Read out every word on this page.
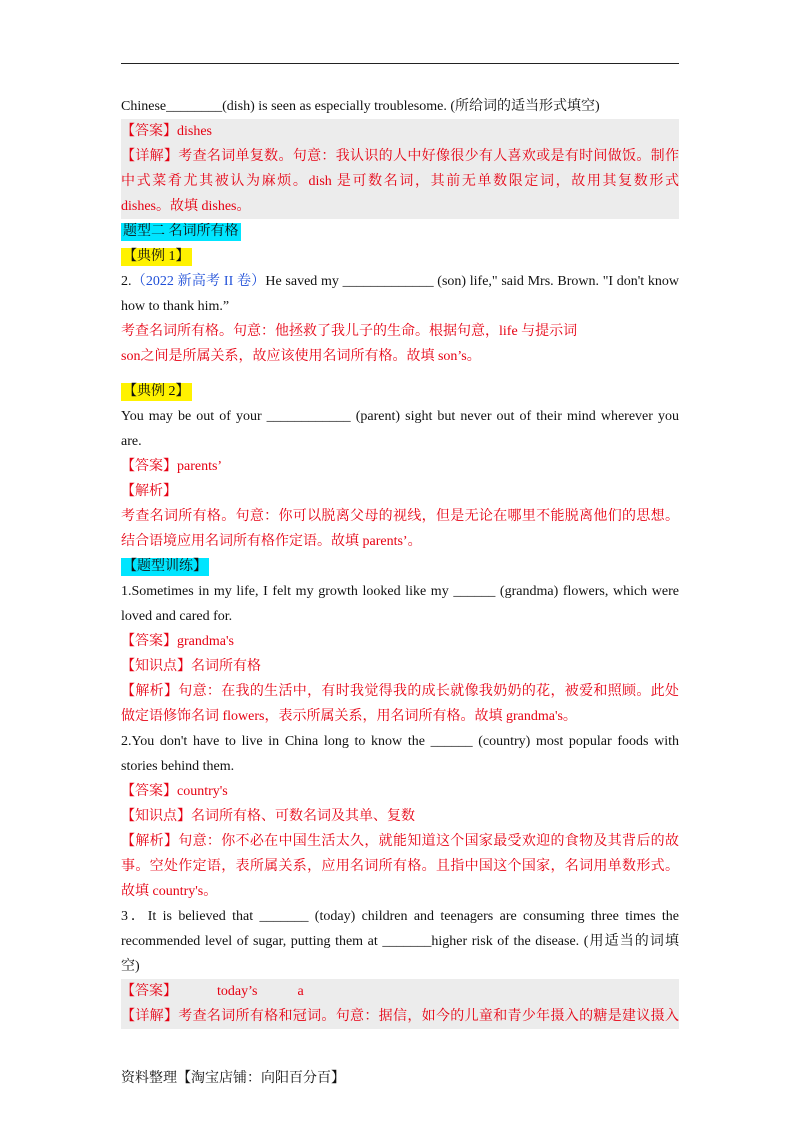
Chinese________(dish) is seen as especially troublesome. (所给词的适当形式填空)
【答案】dishes
【详解】考查名词单复数。句意：我认识的人中好像很少有人喜欢或是有时间做饭。制作
中式菜肴尤其被认为麻烦。dish 是可数名词，其前无单数限定词，故用其复数形式
dishes。故填 dishes。
题型二 名词所有格
【典例 1】
2.（2022 新高考 II 卷）He saved my _____________ (son) life," said Mrs. Brown. "I don't know
how to thank him.”
考查名词所有格。句意：他拯救了我儿子的生命。根据句意，life 与提示词
son之间是所属关系，故应该使用名词所有格。故填 son’s。
【典例 2】
You may be out of your ____________ (parent) sight but never out of their mind wherever you
are.
【答案】parents’
【解析】
考查名词所有格。句意：你可以脱离父母的视线，但是无论在哪里不能脱离他们的思想。
结合语境应用名词所有格作定语。故填 parents’。
【题型训练】
1.Sometimes in my life, I felt my growth looked like my ______ (grandma) flowers, which were
loved and cared for.
【答案】grandma's
【知识点】名词所有格
【解析】句意：在我的生活中，有时我觉得我的成长就像我奶奶的花，被爱和照顾。此处
做定语修饰名词 flowers，表示所属关系，用名词所有格。故填 grandma's。
2.You don't have to live in China long to know the ______ (country) most popular foods with
stories behind them.
【答案】country's
【知识点】名词所有格、可数名词及其单、复数
【解析】句意：你不必在中国生活太久，就能知道这个国家最受欢迎的食物及其背后的故
事。空处作定语，表所属关系，应用名词所有格。且指中国这个国家，名词用单数形式。
故填 country's。
3．It is believed that _______ (today) children and teenagers are consuming three times the
recommended level of sugar, putting them at _______higher risk of the disease. (用适当的词填
空)
【答案】	today’s	a
【详解】考查名词所有格和冠词。句意：据信，如今的儿童和青少年摄入的糖是建议摄入
资料整理【淘宝店铺：向阳百分百】
